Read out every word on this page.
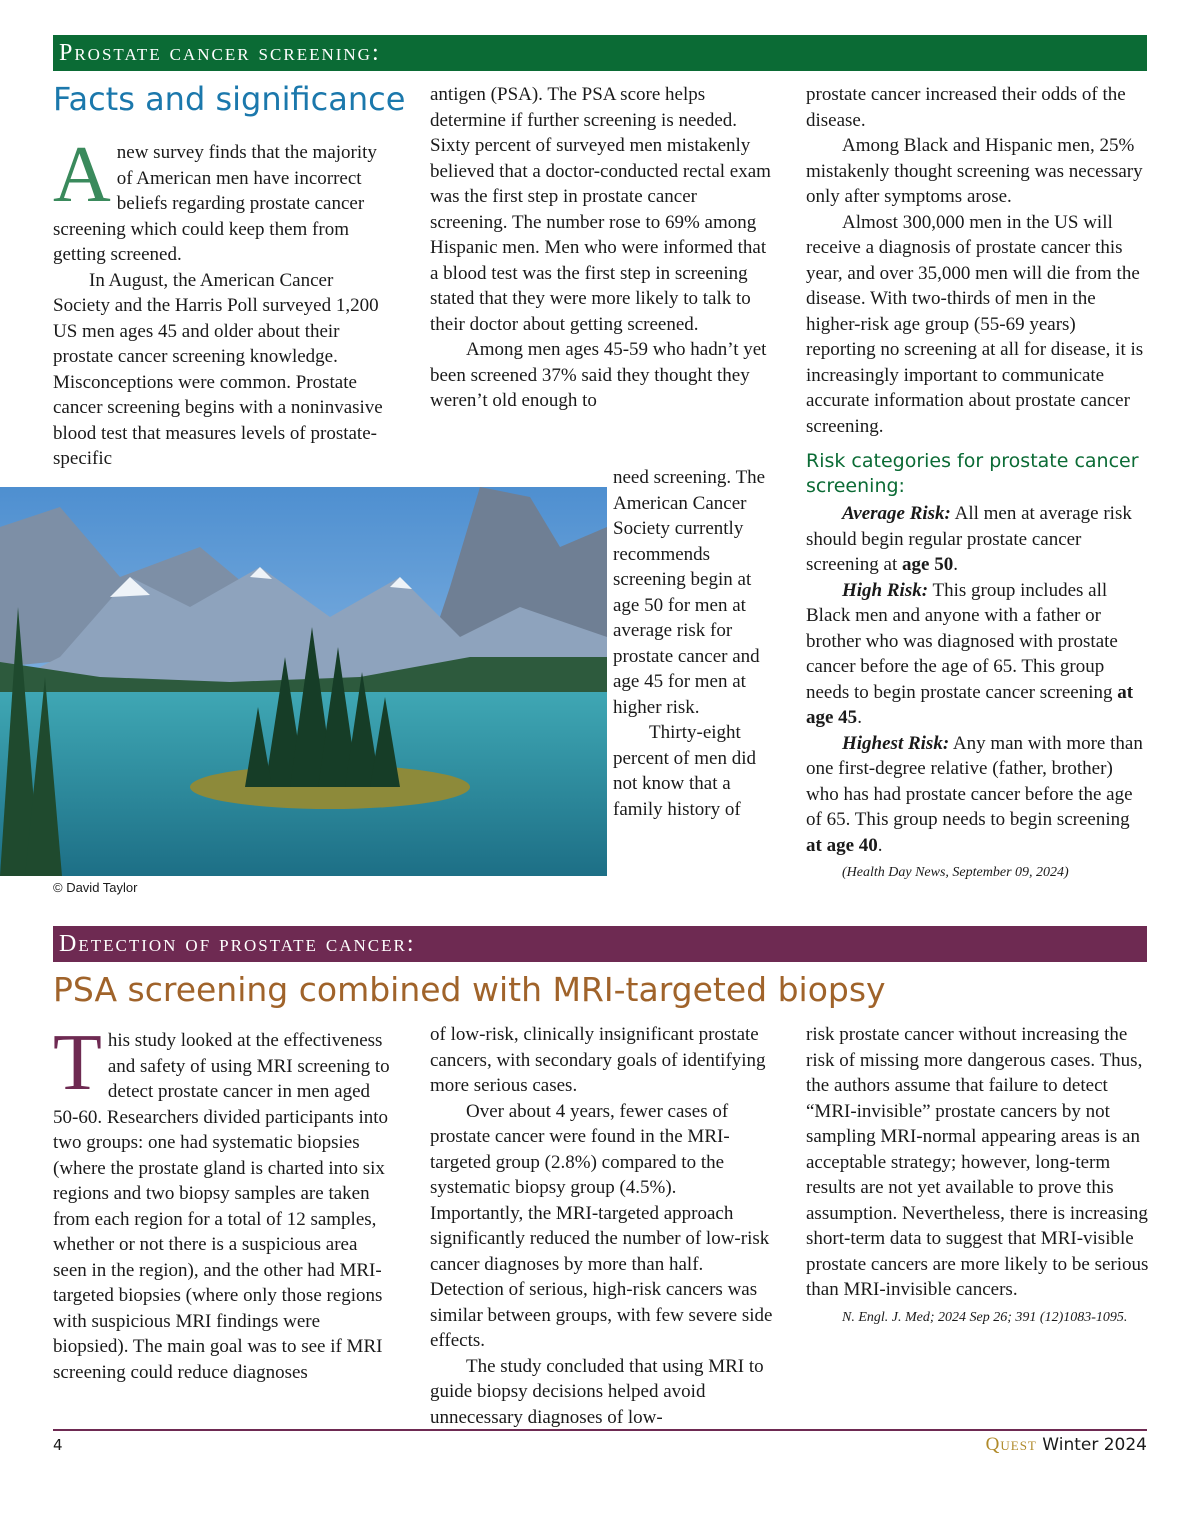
Prostate cancer screening:
Facts and significance

Anew survey finds that the majority of American men have incorrect beliefs regarding prostate cancer screening which could keep them from getting screened.

In August, the American Cancer Society and the Harris Poll surveyed 1,200 US men ages 45 and older about their prostate cancer screening knowledge. Misconceptions were common. Prostate cancer screening begins with a noninvasive blood test that measures levels of prostate-specific

antigen (PSA). The PSA score helps determine if further screening is needed. Sixty percent of surveyed men mistakenly believed that a doctor-conducted rectal exam was the first step in prostate cancer screening. The number rose to 69% among Hispanic men. Men who were informed that a blood test was the first step in screening stated that they were more likely to talk to their doctor about getting screened.

Among men ages 45-59 who hadn’t yet been screened 37% said they thought they weren’t old enough to

need screening. The American Cancer Society currently recommends screening begin at age 50 for men at average risk for prostate cancer and age 45 for men at higher risk.

Thirty-eight percent of men did not know that a family history of

prostate cancer increased their odds of the disease.

Among Black and Hispanic men, 25% mistakenly thought screening was necessary only after symptoms arose.

Almost 300,000 men in the US will receive a diagnosis of prostate cancer this year, and over 35,000 men will die from the disease. With two-thirds of men in the higher-risk age group (55-69 years) reporting no screening at all for disease, it is increasingly important to communicate accurate information about prostate cancer screening.

Risk categories for prostate cancer screening:

Average Risk: All men at average risk should begin regular prostate cancer screening at age 50.

High Risk: This group includes all Black men and anyone with a father or brother who was diagnosed with prostate cancer before the age of 65. This group needs to begin prostate cancer screening at age 45.

Highest Risk: Any man with more than one first-degree relative (father, brother) who has had prostate cancer before the age of 65. This group needs to begin screening at age 40.

(Health Day News, September 09, 2024)

© David Taylor
Detection of prostate cancer:
PSA screening combined with MRI-targeted biopsy

This study looked at the effectiveness and safety of using MRI screening to detect prostate cancer in men aged 50-60. Researchers divided participants into two groups: one had systematic biopsies (where the prostate gland is charted into six regions and two biopsy samples are taken from each region for a total of 12 samples, whether or not there is a suspicious area seen in the region), and the other had MRI-targeted biopsies (where only those regions with suspicious MRI findings were biopsied). The main goal was to see if MRI screening could reduce diagnoses

of low-risk, clinically insignificant prostate cancers, with secondary goals of identifying more serious cases.

Over about 4 years, fewer cases of prostate cancer were found in the MRI-targeted group (2.8%) compared to the systematic biopsy group (4.5%). Importantly, the MRI-targeted approach significantly reduced the number of low-risk cancer diagnoses by more than half. Detection of serious, high-risk cancers was similar between groups, with few severe side effects.

The study concluded that using MRI to guide biopsy decisions helped avoid unnecessary diagnoses of low-

risk prostate cancer without increasing the risk of missing more dangerous cases. Thus, the authors assume that failure to detect “MRI-invisible” prostate cancers by not sampling MRI-normal appearing areas is an acceptable strategy; however, long-term results are not yet available to prove this assumption. Nevertheless, there is increasing short-term data to suggest that MRI-visible prostate cancers are more likely to be serious than MRI-invisible cancers.

N. Engl. J. Med; 2024 Sep 26; 391 (12)1083-1095.

4	Quest Winter 2024
